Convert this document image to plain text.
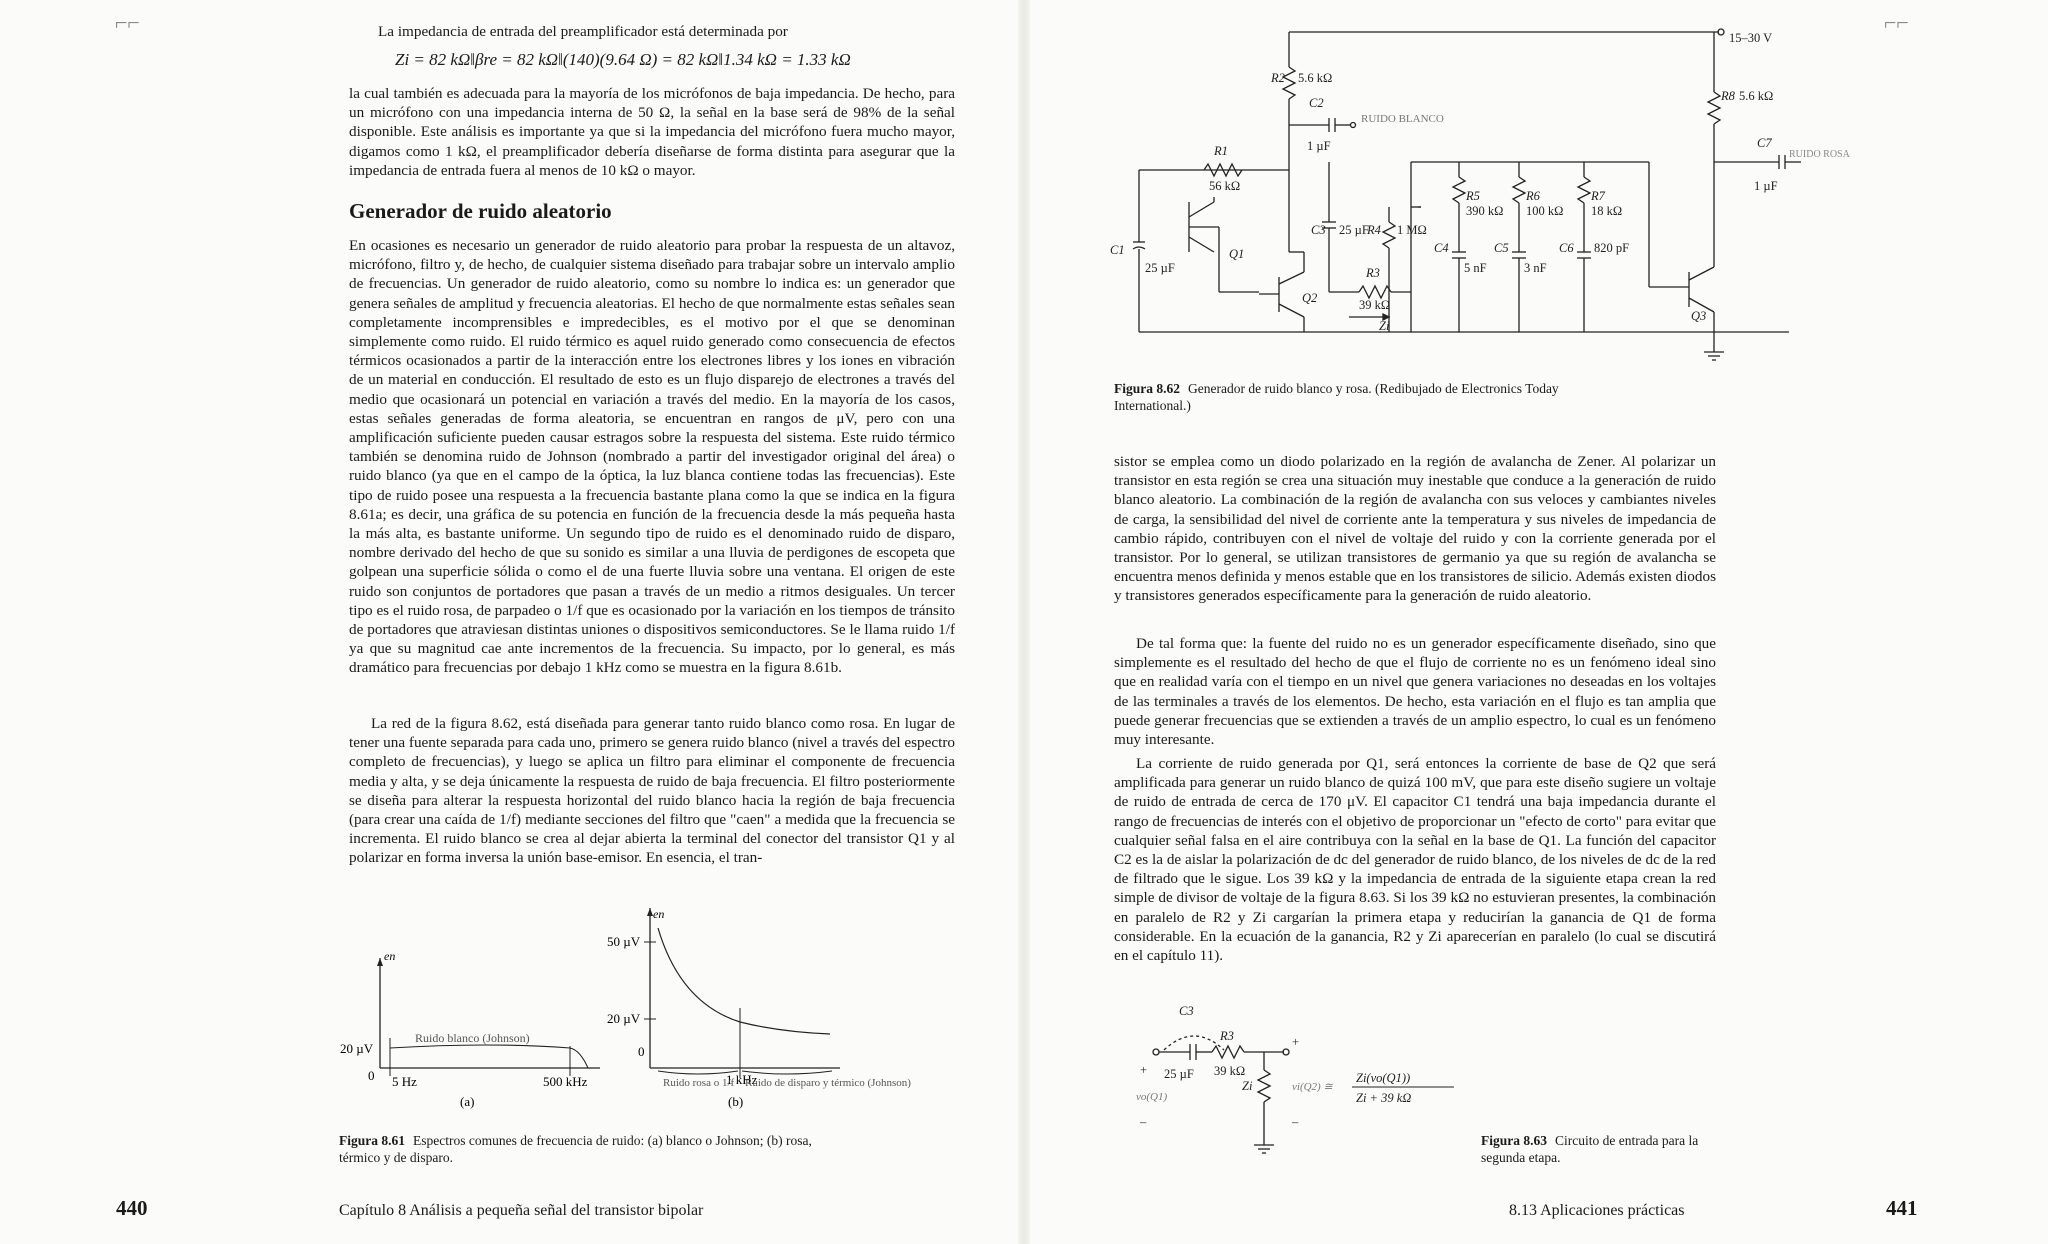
⌐⌐	La impedancia de entrada del preamplificador está determinada por

Zi = 82 kΩ‖βre = 82 kΩ‖(140)(9.64 Ω) = 82 kΩ‖1.34 kΩ = 1.33 kΩ

la cual también es adecuada para la mayoría de los micrófonos de baja impedancia. De hecho, para un micrófono con una impedancia interna de 50 Ω, la señal en la base será de 98% de la señal disponible. Este análisis es importante ya que si la impedancia del micrófono fuera mucho mayor, digamos como 1 kΩ, el preamplificador debería diseñarse de forma distinta para asegurar que la impedancia de entrada fuera al menos de 10 kΩ o mayor.

Generador de ruido aleatorio

En ocasiones es necesario un generador de ruido aleatorio para probar la respuesta de un altavoz, micrófono, filtro y, de hecho, de cualquier sistema diseñado para trabajar sobre un intervalo amplio de frecuencias. Un generador de ruido aleatorio, como su nombre lo indica es: un generador que genera señales de amplitud y frecuencia aleatorias. El hecho de que normalmente estas señales sean completamente incomprensibles e impredecibles, es el motivo por el que se denominan simplemente como ruido. El ruido térmico es aquel ruido generado como consecuencia de efectos térmicos ocasionados a partir de la interacción entre los electrones libres y los iones en vibración de un material en conducción. El resultado de esto es un flujo disparejo de electrones a través del medio que ocasionará un potencial en variación a través del medio. En la mayoría de los casos, estas señales generadas de forma aleatoria, se encuentran en rangos de μV, pero con una amplificación suficiente pueden causar estragos sobre la respuesta del sistema. Este ruido térmico también se denomina ruido de Johnson (nombrado a partir del investigador original del área) o ruido blanco (ya que en el campo de la óptica, la luz blanca contiene todas las frecuencias). Este tipo de ruido posee una respuesta a la frecuencia bastante plana como la que se indica en la figura 8.61a; es decir, una gráfica de su potencia en función de la frecuencia desde la más pequeña hasta la más alta, es bastante uniforme. Un segundo tipo de ruido es el denominado ruido de disparo, nombre derivado del hecho de que su sonido es similar a una lluvia de perdigones de escopeta que golpean una superficie sólida o como el de una fuerte lluvia sobre una ventana. El origen de este ruido son conjuntos de portadores que pasan a través de un medio a ritmos desiguales. Un tercer tipo es el ruido rosa, de parpadeo o 1/f que es ocasionado por la variación en los tiempos de tránsito de portadores que atraviesan distintas uniones o dispositivos semiconductores. Se le llama ruido 1/f ya que su magnitud cae ante incrementos de la frecuencia. Su impacto, por lo general, es más dramático para frecuencias por debajo 1 kHz como se muestra en la figura 8.61b.

La red de la figura 8.62, está diseñada para generar tanto ruido blanco como rosa. En lugar de tener una fuente separada para cada uno, primero se genera ruido blanco (nivel a través del espectro completo de frecuencias), y luego se aplica un filtro para eliminar el componente de frecuencia media y alta, y se deja únicamente la respuesta de ruido de baja frecuencia. El filtro posteriormente se diseña para alterar la respuesta horizontal del ruido blanco hacia la región de baja frecuencia (para crear una caída de 1/f) mediante secciones del filtro que "caen" a medida que la frecuencia se incrementa. El ruido blanco se crea al dejar abierta la terminal del conector del transistor Q1 y al polarizar en forma inversa la unión base-emisor. En esencia, el tran-

en
20 µV
0 5 Hz	500 kHz
Ruido blanco (Johnson)
(a)
en
50 µV
20 µV
0
1 kHz
Ruido rosa o 1/f Ruido de disparo y térmico (Johnson)
(b)
Figura 8.61 Espectros comunes de frecuencia de ruido: (a) blanco o Johnson; (b) rosa, térmico y de disparo.
440	Capítulo 8 Análisis a pequeña señal del transistor bipolar
⌐⌐
15–30 V
R2 5.6 kΩ
C2
1 µF
RUIDO BLANCO
R1
56 kΩ
C1
25 µF
Q1
Q2
Q3
C3 25 µF
R4 1 MΩ
R3
39 kΩ
Zi
R5
390 kΩ
R6
100 kΩ
R7
18 kΩ
C4
5 nF
C5
3 nF
C6 820 pF
R8 5.6 kΩ
C7
1 µF
RUIDO ROSA
Figura 8.62 Generador de ruido blanco y rosa. (Redibujado de Electronics Today International.)

sistor se emplea como un diodo polarizado en la región de avalancha de Zener. Al polarizar un transistor en esta región se crea una situación muy inestable que conduce a la generación de ruido blanco aleatorio. La combinación de la región de avalancha con sus veloces y cambiantes niveles de carga, la sensibilidad del nivel de corriente ante la temperatura y sus niveles de impedancia de cambio rápido, contribuyen con el nivel de voltaje del ruido y con la corriente generada por el transistor. Por lo general, se utilizan transistores de germanio ya que su región de avalancha se encuentra menos definida y menos estable que en los transistores de silicio. Además existen diodos y transistores generados específicamente para la generación de ruido aleatorio.

De tal forma que: la fuente del ruido no es un generador específicamente diseñado, sino que simplemente es el resultado del hecho de que el flujo de corriente no es un fenómeno ideal sino que en realidad varía con el tiempo en un nivel que genera variaciones no deseadas en los voltajes de las terminales a través de los elementos. De hecho, esta variación en el flujo es tan amplia que puede generar frecuencias que se extienden a través de un amplio espectro, lo cual es un fenómeno muy interesante.

La corriente de ruido generada por Q1, será entonces la corriente de base de Q2 que será amplificada para generar un ruido blanco de quizá 100 mV, que para este diseño sugiere un voltaje de ruido de entrada de cerca de 170 μV. El capacitor C1 tendrá una baja impedancia durante el rango de frecuencias de interés con el objetivo de proporcionar un "efecto de corto" para evitar que cualquier señal falsa en el aire contribuya con la señal en la base de Q1. La función del capacitor C2 es la de aislar la polarización de dc del generador de ruido blanco, de los niveles de dc de la red de filtrado que le sigue. Los 39 kΩ y la impedancia de entrada de la siguiente etapa crean la red simple de divisor de voltaje de la figura 8.63. Si los 39 kΩ no estuvieran presentes, la combinación en paralelo de R2 y Zi cargarían la primera etapa y reducirían la ganancia de Q1 de forma considerable. En la ecuación de la ganancia, R2 y Zi aparecerían en paralelo (lo cual se discutirá en el capítulo 11).

C3
R3
25 µF 39 kΩ
+
–
vo(Q1)
Zi
+
–
vi(Q2) ≅
Zi(vo(Q1))
Zi + 39 kΩ
Figura 8.63 Circuito de entrada para la segunda etapa.
8.13 Aplicaciones prácticas	441
